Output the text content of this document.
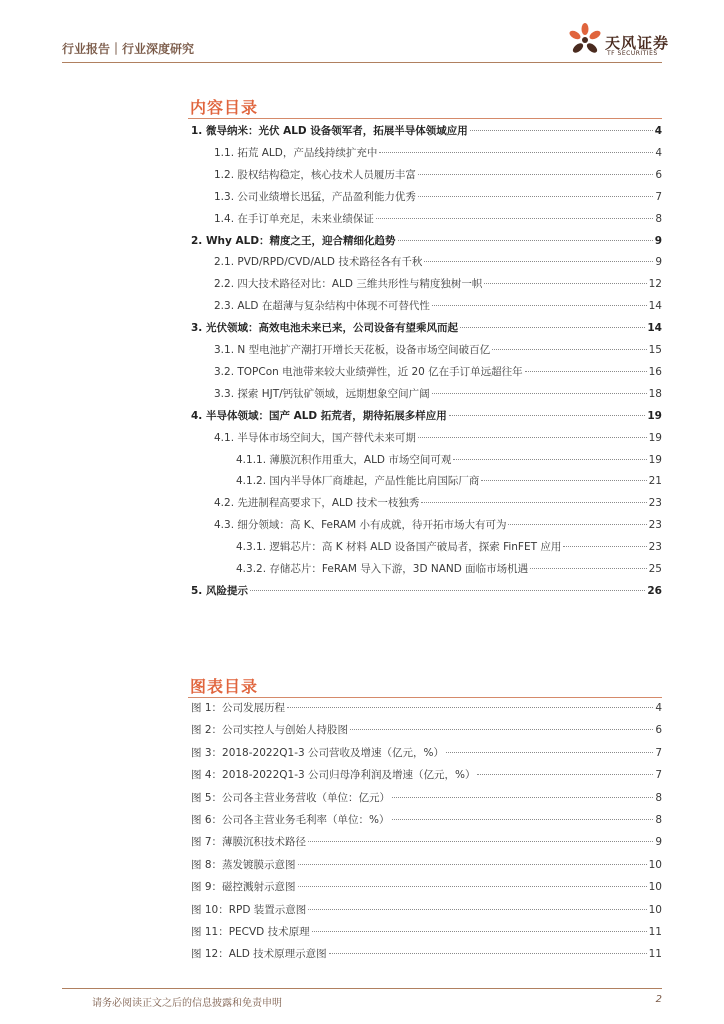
行业报告｜行业深度研究	天风证券
TF SECURITIES
内容目录
1. 微导纳米：光伏 ALD 设备领军者，拓展半导体领域应用	4
1.1. 拓荒 ALD，产品线持续扩充中	4
1.2. 股权结构稳定，核心技术人员履历丰富	6
1.3. 公司业绩增长迅猛，产品盈利能力优秀	7
1.4. 在手订单充足，未来业绩保证	8
2. Why ALD：精度之王，迎合精细化趋势	9
2.1. PVD/RPD/CVD/ALD 技术路径各有千秋	9
2.2. 四大技术路径对比：ALD 三维共形性与精度独树一帜	12
2.3. ALD 在超薄与复杂结构中体现不可替代性	14
3. 光伏领域：高效电池未来已来，公司设备有望乘风而起	14
3.1. N 型电池扩产潮打开增长天花板，设备市场空间破百亿	15
3.2. TOPCon 电池带来较大业绩弹性，近 20 亿在手订单远超往年	16
3.3. 探索 HJT/钙钛矿领域，远期想象空间广阔	18
4. 半导体领域：国产 ALD 拓荒者，期待拓展多样应用	19
4.1. 半导体市场空间大，国产替代未来可期	19
4.1.1. 薄膜沉积作用重大，ALD 市场空间可观	19
4.1.2. 国内半导体厂商雄起，产品性能比肩国际厂商	21
4.2. 先进制程高要求下，ALD 技术一枝独秀	23
4.3. 细分领域：高 K、FeRAM 小有成就，待开拓市场大有可为	23
4.3.1. 逻辑芯片：高 K 材料 ALD 设备国产破局者，探索 FinFET 应用	23
4.3.2. 存储芯片：FeRAM 导入下游，3D NAND 面临市场机遇	25
5. 风险提示	26
图表目录
图 1：公司发展历程	4
图 2：公司实控人与创始人持股图	6
图 3：2018-2022Q1-3 公司营收及增速（亿元，%）	7
图 4：2018-2022Q1-3 公司归母净利润及增速（亿元，%）	7
图 5：公司各主营业务营收（单位：亿元）	8
图 6：公司各主营业务毛利率（单位：%）	8
图 7：薄膜沉积技术路径	9
图 8：蒸发镀膜示意图	10
图 9：磁控溅射示意图	10
图 10：RPD 装置示意图	10
图 11：PECVD 技术原理	11
图 12：ALD 技术原理示意图	11
请务必阅读正文之后的信息披露和免责申明	2
